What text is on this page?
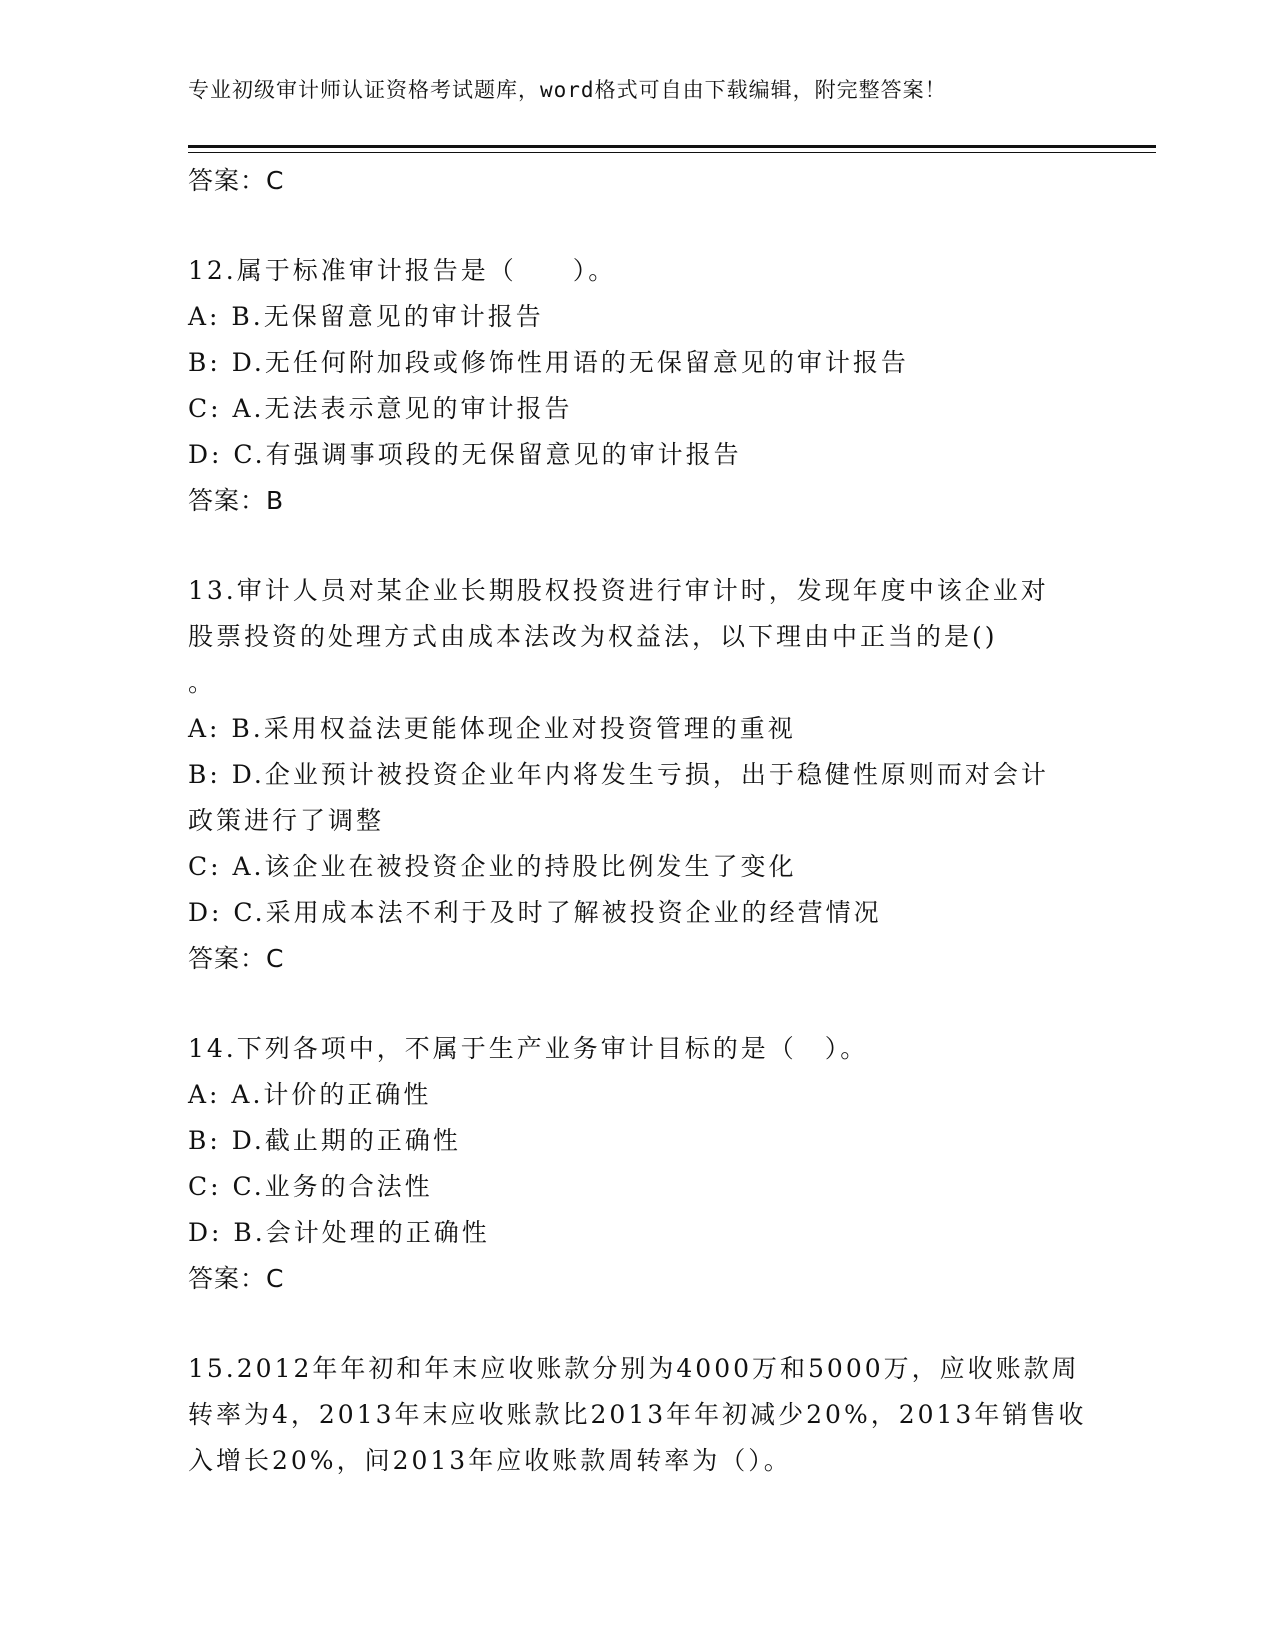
专业初级审计师认证资格考试题库，word格式可自由下载编辑，附完整答案！
答案：C
12.属于标准审计报告是（　　）。
A: B.无保留意见的审计报告
B: D.无任何附加段或修饰性用语的无保留意见的审计报告
C: A.无法表示意见的审计报告
D: C.有强调事项段的无保留意见的审计报告
答案：B
13.审计人员对某企业长期股权投资进行审计时，发现年度中该企业对
股票投资的处理方式由成本法改为权益法，以下理由中正当的是()
。
A: B.采用权益法更能体现企业对投资管理的重视
B: D.企业预计被投资企业年内将发生亏损，出于稳健性原则而对会计
政策进行了调整
C: A.该企业在被投资企业的持股比例发生了变化
D: C.采用成本法不利于及时了解被投资企业的经营情况
答案：C
14.下列各项中，不属于生产业务审计目标的是（　）。
A: A.计价的正确性
B: D.截止期的正确性
C: C.业务的合法性
D: B.会计处理的正确性
答案：C
15.2012年年初和年末应收账款分别为4000万和5000万，应收账款周
转率为4，2013年末应收账款比2013年年初减少20%，2013年销售收
入增长20%，问2013年应收账款周转率为（）。
